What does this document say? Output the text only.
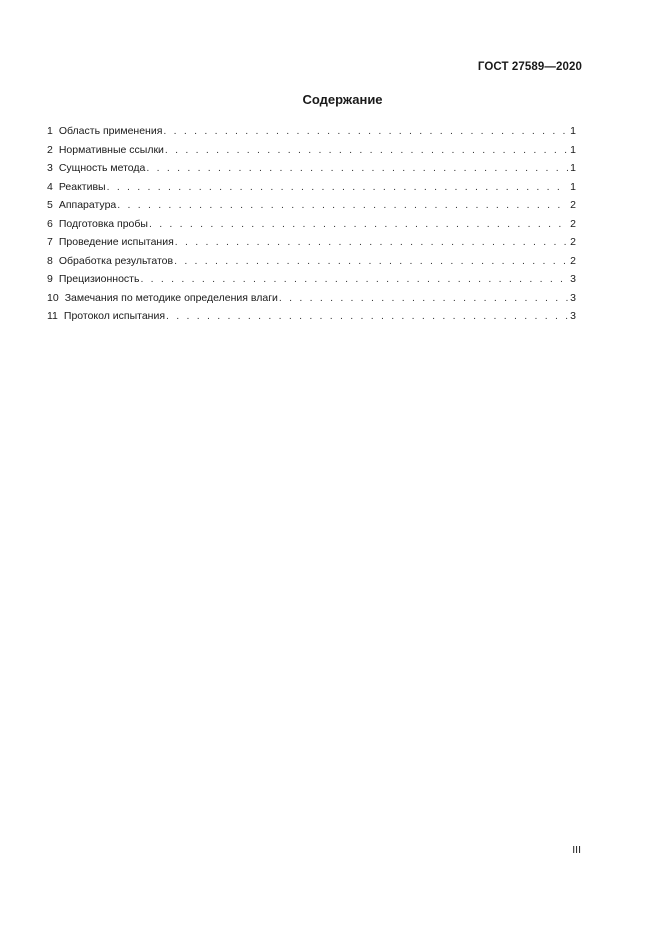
ГОСТ 27589—2020
Содержание
1 Область применения . . .	1
2 Нормативные ссылки . . .	1
3 Сущность метода . . .	1
4 Реактивы . . .	1
5 Аппаратура . . .	2
6 Подготовка пробы . . .	2
7 Проведение испытания . . .	2
8 Обработка результатов . . .	2
9 Прецизионность . . .	3
10 Замечания по методике определения влаги . . .	3
11 Протокол испытания . . .	3
III
